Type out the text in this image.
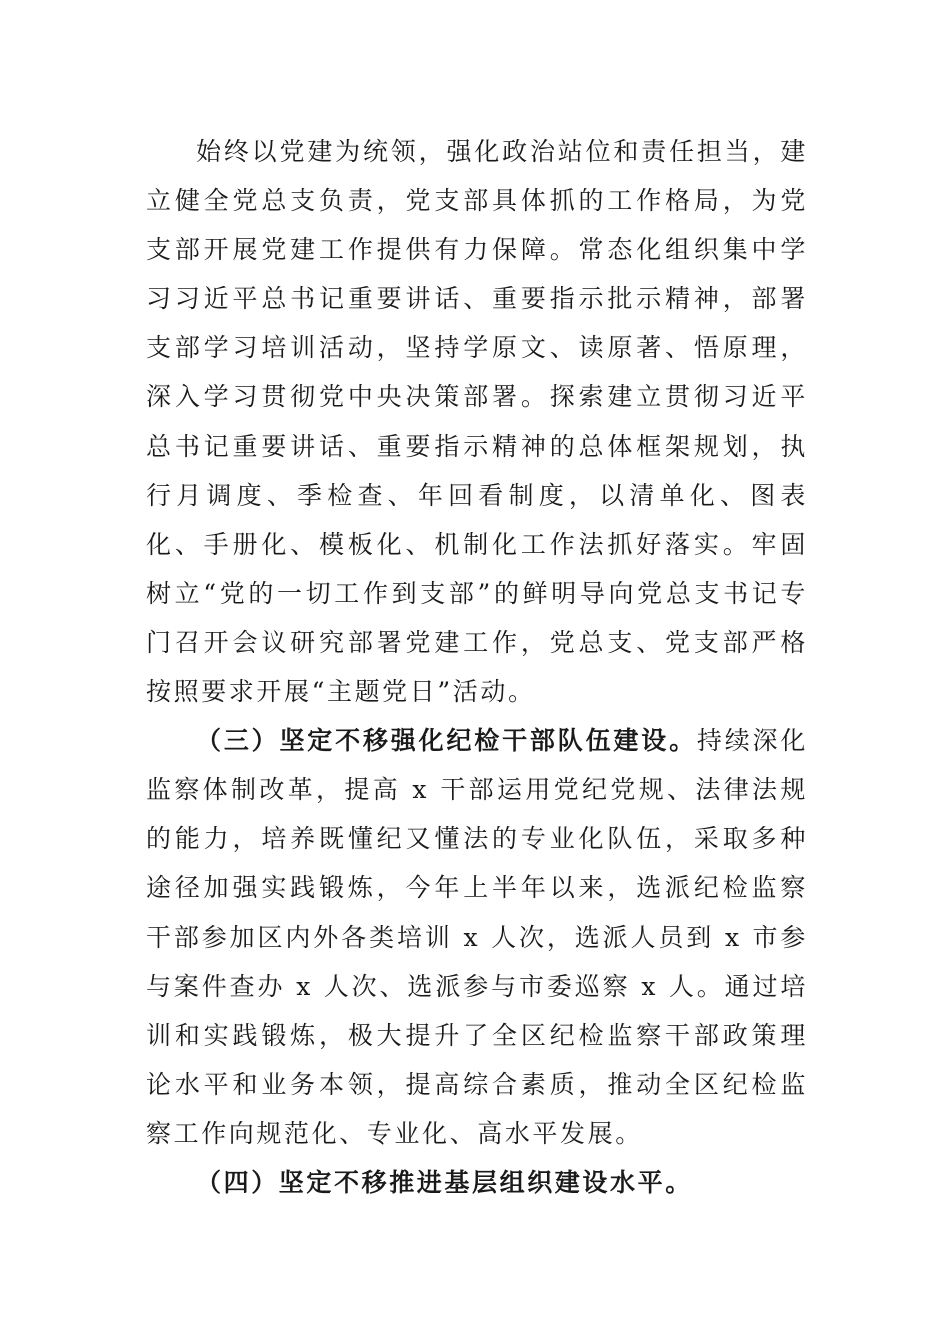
始终以党建为统领，强化政治站位和责任担当，建立健全党总支负责，党支部具体抓的工作格局，为党支部开展党建工作提供有力保障。常态化组织集中学习习近平总书记重要讲话、重要指示批示精神，部署支部学习培训活动，坚持学原文、读原著、悟原理，深入学习贯彻党中央决策部署。探索建立贯彻习近平总书记重要讲话、重要指示精神的总体框架规划，执行月调度、季检查、年回看制度，以清单化、图表化、手册化、模板化、机制化工作法抓好落实。牢固树立“党的一切工作到支部”的鲜明导向党总支书记专门召开会议研究部署党建工作，党总支、党支部严格按照要求开展“主题党日”活动。

（三）坚定不移强化纪检干部队伍建设。持续深化监察体制改革，提高 x 干部运用党纪党规、法律法规的能力，培养既懂纪又懂法的专业化队伍，采取多种途径加强实践锻炼，今年上半年以来，选派纪检监察干部参加区内外各类培训 x 人次，选派人员到 x 市参与案件查办 x 人次、选派参与市委巡察 x 人。通过培训和实践锻炼，极大提升了全区纪检监察干部政策理论水平和业务本领，提高综合素质，推动全区纪检监察工作向规范化、专业化、高水平发展。

（四）坚定不移推进基层组织建设水平。
